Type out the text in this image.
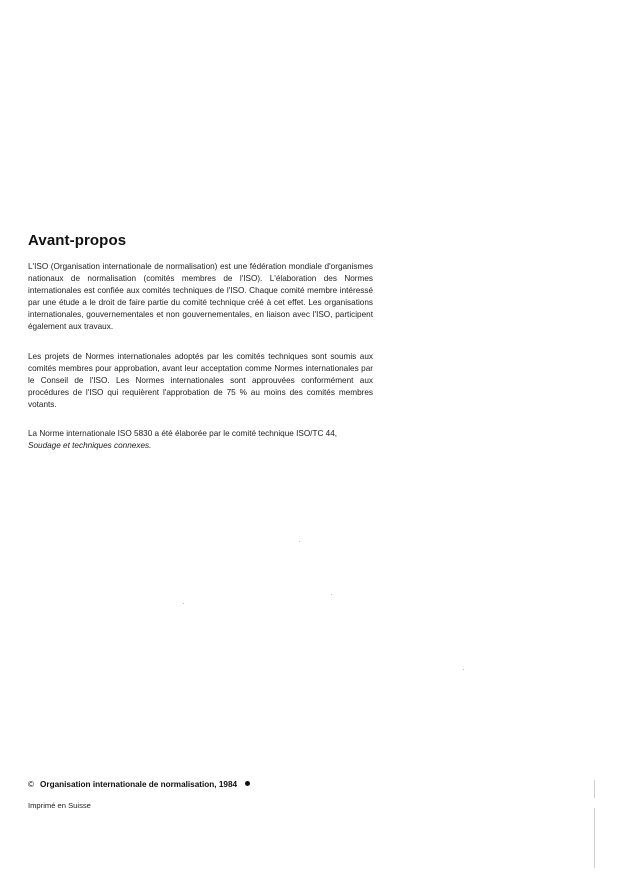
Avant-propos

L'ISO (Organisation internationale de normalisation) est une fédération mondiale d'organismes nationaux de normalisation (comités membres de l'ISO). L'élaboration des Normes internationales est confiée aux comités techniques de l'ISO. Chaque comité membre intéressé par une étude a le droit de faire partie du comité technique créé à cet effet. Les organisations internationales, gouvernementales et non gouvernementales, en liaison avec l'ISO, participent également aux travaux.

Les projets de Normes internationales adoptés par les comités techniques sont soumis aux comités membres pour approbation, avant leur acceptation comme Normes internationales par le Conseil de l'ISO. Les Normes internationales sont approuvées conformément aux procédures de l'ISO qui requièrent l'approbation de 75 % au moins des comités membres votants.

La Norme internationale ISO 5830 a été élaborée par le comité technique ISO/TC 44,
Soudage et techniques connexes.

© Organisation internationale de normalisation, 1984
Imprimé en Suisse
